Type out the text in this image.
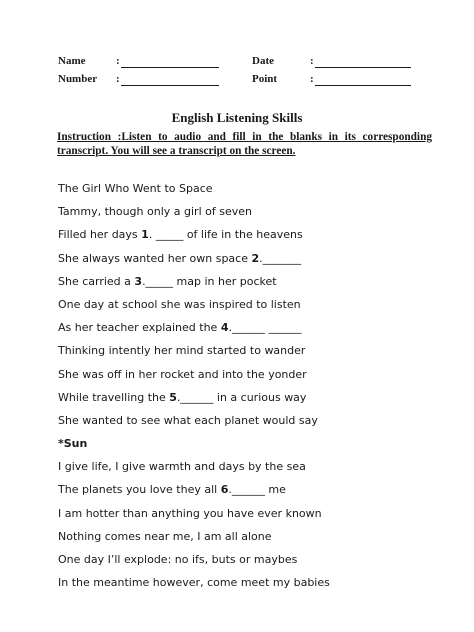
Name	:	Date	:
Number :	Point	:
English Listening Skills
Instruction :Listen to audio and fill in the blanks in its corresponding transcript. You will see a transcript on the screen.
The Girl Who Went to Space
Tammy, though only a girl of seven
Filled her days 1. _____ of life in the heavens
She always wanted her own space 2._______
She carried a 3._____ map in her pocket
One day at school she was inspired to listen
As her teacher explained the 4.______ ______
Thinking intently her mind started to wander
She was off in her rocket and into the yonder
While travelling the 5.______ in a curious way
She wanted to see what each planet would say
*Sun
I give life, I give warmth and days by the sea
The planets you love they all 6.______ me
I am hotter than anything you have ever known
Nothing comes near me, I am all alone
One day I’ll explode: no ifs, buts or maybes
In the meantime however, come meet my babies
